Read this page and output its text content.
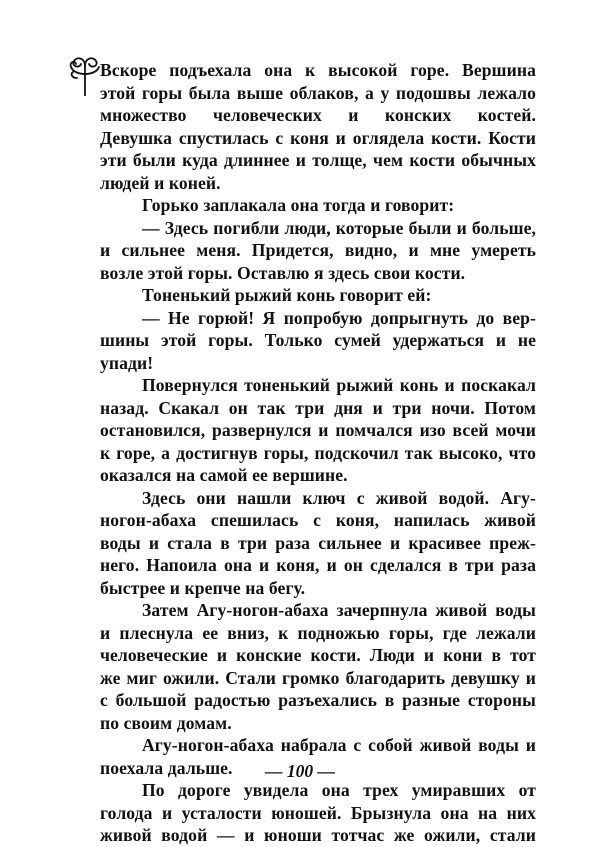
Вскоре подъехала она к высокой горе. Вершина
этой горы была выше облаков, а у подошвы лежало
множество человеческих и конских костей.
Девушка спустилась с коня и оглядела кости. Кости
эти были куда длиннее и толще, чем кости обычных
людей и коней.
Горько заплакала она тогда и говорит:
— Здесь погибли люди, которые были и больше,
и сильнее меня. Придется, видно, и мне умереть
возле этой горы. Оставлю я здесь свои кости.
Тоненький рыжий конь говорит ей:
— Не горюй! Я попробую допрыгнуть до вер-
шины этой горы. Только сумей удержаться и не
упади!
Повернулся тоненький рыжий конь и поскакал
назад. Скакал он так три дня и три ночи. Потом
остановился, развернулся и помчался изо всей мочи
к горе, а достигнув горы, подскочил так высоко, что
оказался на самой ее вершине.
Здесь они нашли ключ с живой водой. Агу-
ногон-абаха спешилась с коня, напилась живой
воды и стала в три раза сильнее и красивее преж-
него. Напоила она и коня, и он сделался в три раза
быстрее и крепче на бегу.
Затем Агу-ногон-абаха зачерпнула живой воды
и плеснула ее вниз, к подножью горы, где лежали
человеческие и конские кости. Люди и кони в тот
же миг ожили. Стали громко благодарить девушку и
с большой радостью разъехались в разные стороны
по своим домам.
Агу-ногон-абаха набрала с собой живой воды и
поехала дальше.
По дороге увидела она трех умиравших от
голода и усталости юношей. Брызнула она на них
живой водой — и юноши тотчас же ожили, стали
— 100 —
